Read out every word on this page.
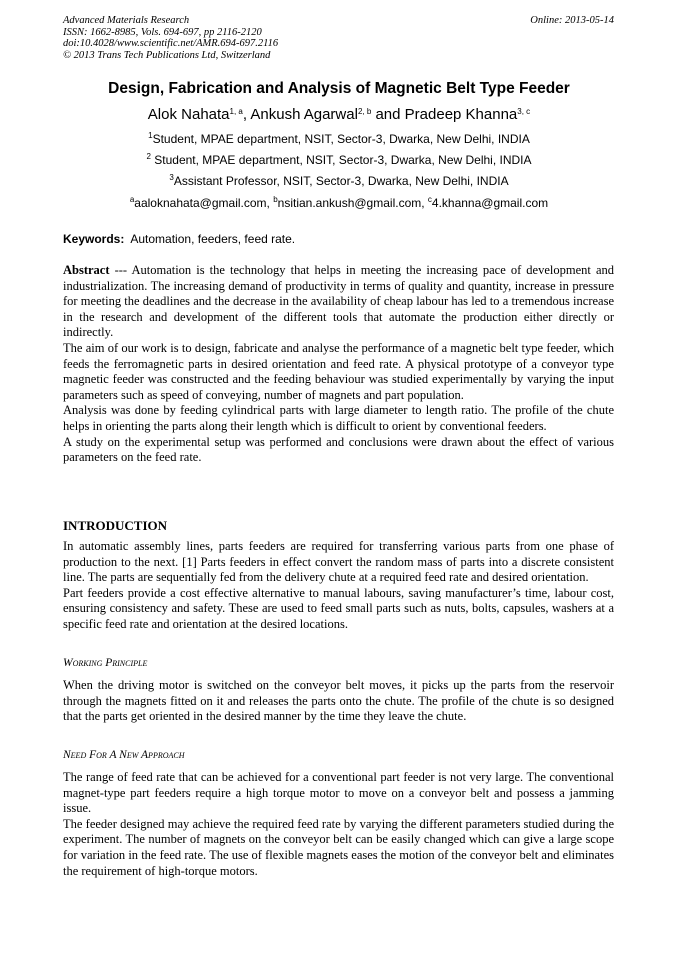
Advanced Materials Research
ISSN: 1662-8985, Vols. 694-697, pp 2116-2120
doi:10.4028/www.scientific.net/AMR.694-697.2116
© 2013 Trans Tech Publications Ltd, Switzerland
Online: 2013-05-14
Design, Fabrication and Analysis of Magnetic Belt Type Feeder
Alok Nahata$^{1, a}$, Ankush Agarwal$^{2, b}$ and Pradeep Khanna$^{3, c}$
$^1$Student, MPAE department, NSIT, Sector-3, Dwarka, New Delhi, INDIA
$^2$ Student, MPAE department, NSIT, Sector-3, Dwarka, New Delhi, INDIA
$^3$Assistant Professor, NSIT, Sector-3, Dwarka, New Delhi, INDIA
$^a$aaloknahata@gmail.com, $^b$nsitian.ankush@gmail.com, $^c$4.khanna@gmail.com
Keywords:  Automation, feeders, feed rate.

Abstract --- Automation is the technology that helps in meeting the increasing pace of development and industrialization. The increasing demand of productivity in terms of quality and quantity, increase in pressure for meeting the deadlines and the decrease in the availability of cheap labour has led to a tremendous increase in the research and development of the different tools that automate the production either directly or indirectly.

The aim of our work is to design, fabricate and analyse the performance of a magnetic belt type feeder, which feeds the ferromagnetic parts in desired orientation and feed rate. A physical prototype of a conveyor type magnetic feeder was constructed and the feeding behaviour was studied experimentally by varying the input parameters such as speed of conveying, number of magnets and part population.

Analysis was done by feeding cylindrical parts with large diameter to length ratio. The profile of the chute helps in orienting the parts along their length which is difficult to orient by conventional feeders.

A study on the experimental setup was performed and conclusions were drawn about the effect of various parameters on the feed rate.

INTRODUCTION

In automatic assembly lines, parts feeders are required for transferring various parts from one phase of production to the next. [1] Parts feeders in effect convert the random mass of parts into a discrete consistent line. The parts are sequentially fed from the delivery chute at a required feed rate and desired orientation.

Part feeders provide a cost effective alternative to manual labours, saving manufacturer’s time, labour cost, ensuring consistency and safety. These are used to feed small parts such as nuts, bolts, capsules, washers at a specific feed rate and orientation at the desired locations.

Working Principle

When the driving motor is switched on the conveyor belt moves, it picks up the parts from the reservoir through the magnets fitted on it and releases the parts onto the chute. The profile of the chute is so designed that the parts get oriented in the desired manner by the time they leave the chute.

Need For A New Approach

The range of feed rate that can be achieved for a conventional part feeder is not very large. The conventional magnet-type part feeders require a high torque motor to move on a conveyor belt and possess a jamming issue.

The feeder designed may achieve the required feed rate by varying the different parameters studied during the experiment. The number of magnets on the conveyor belt can be easily changed which can give a large scope for variation in the feed rate. The use of flexible magnets eases the motion of the conveyor belt and eliminates the requirement of high-torque motors.
